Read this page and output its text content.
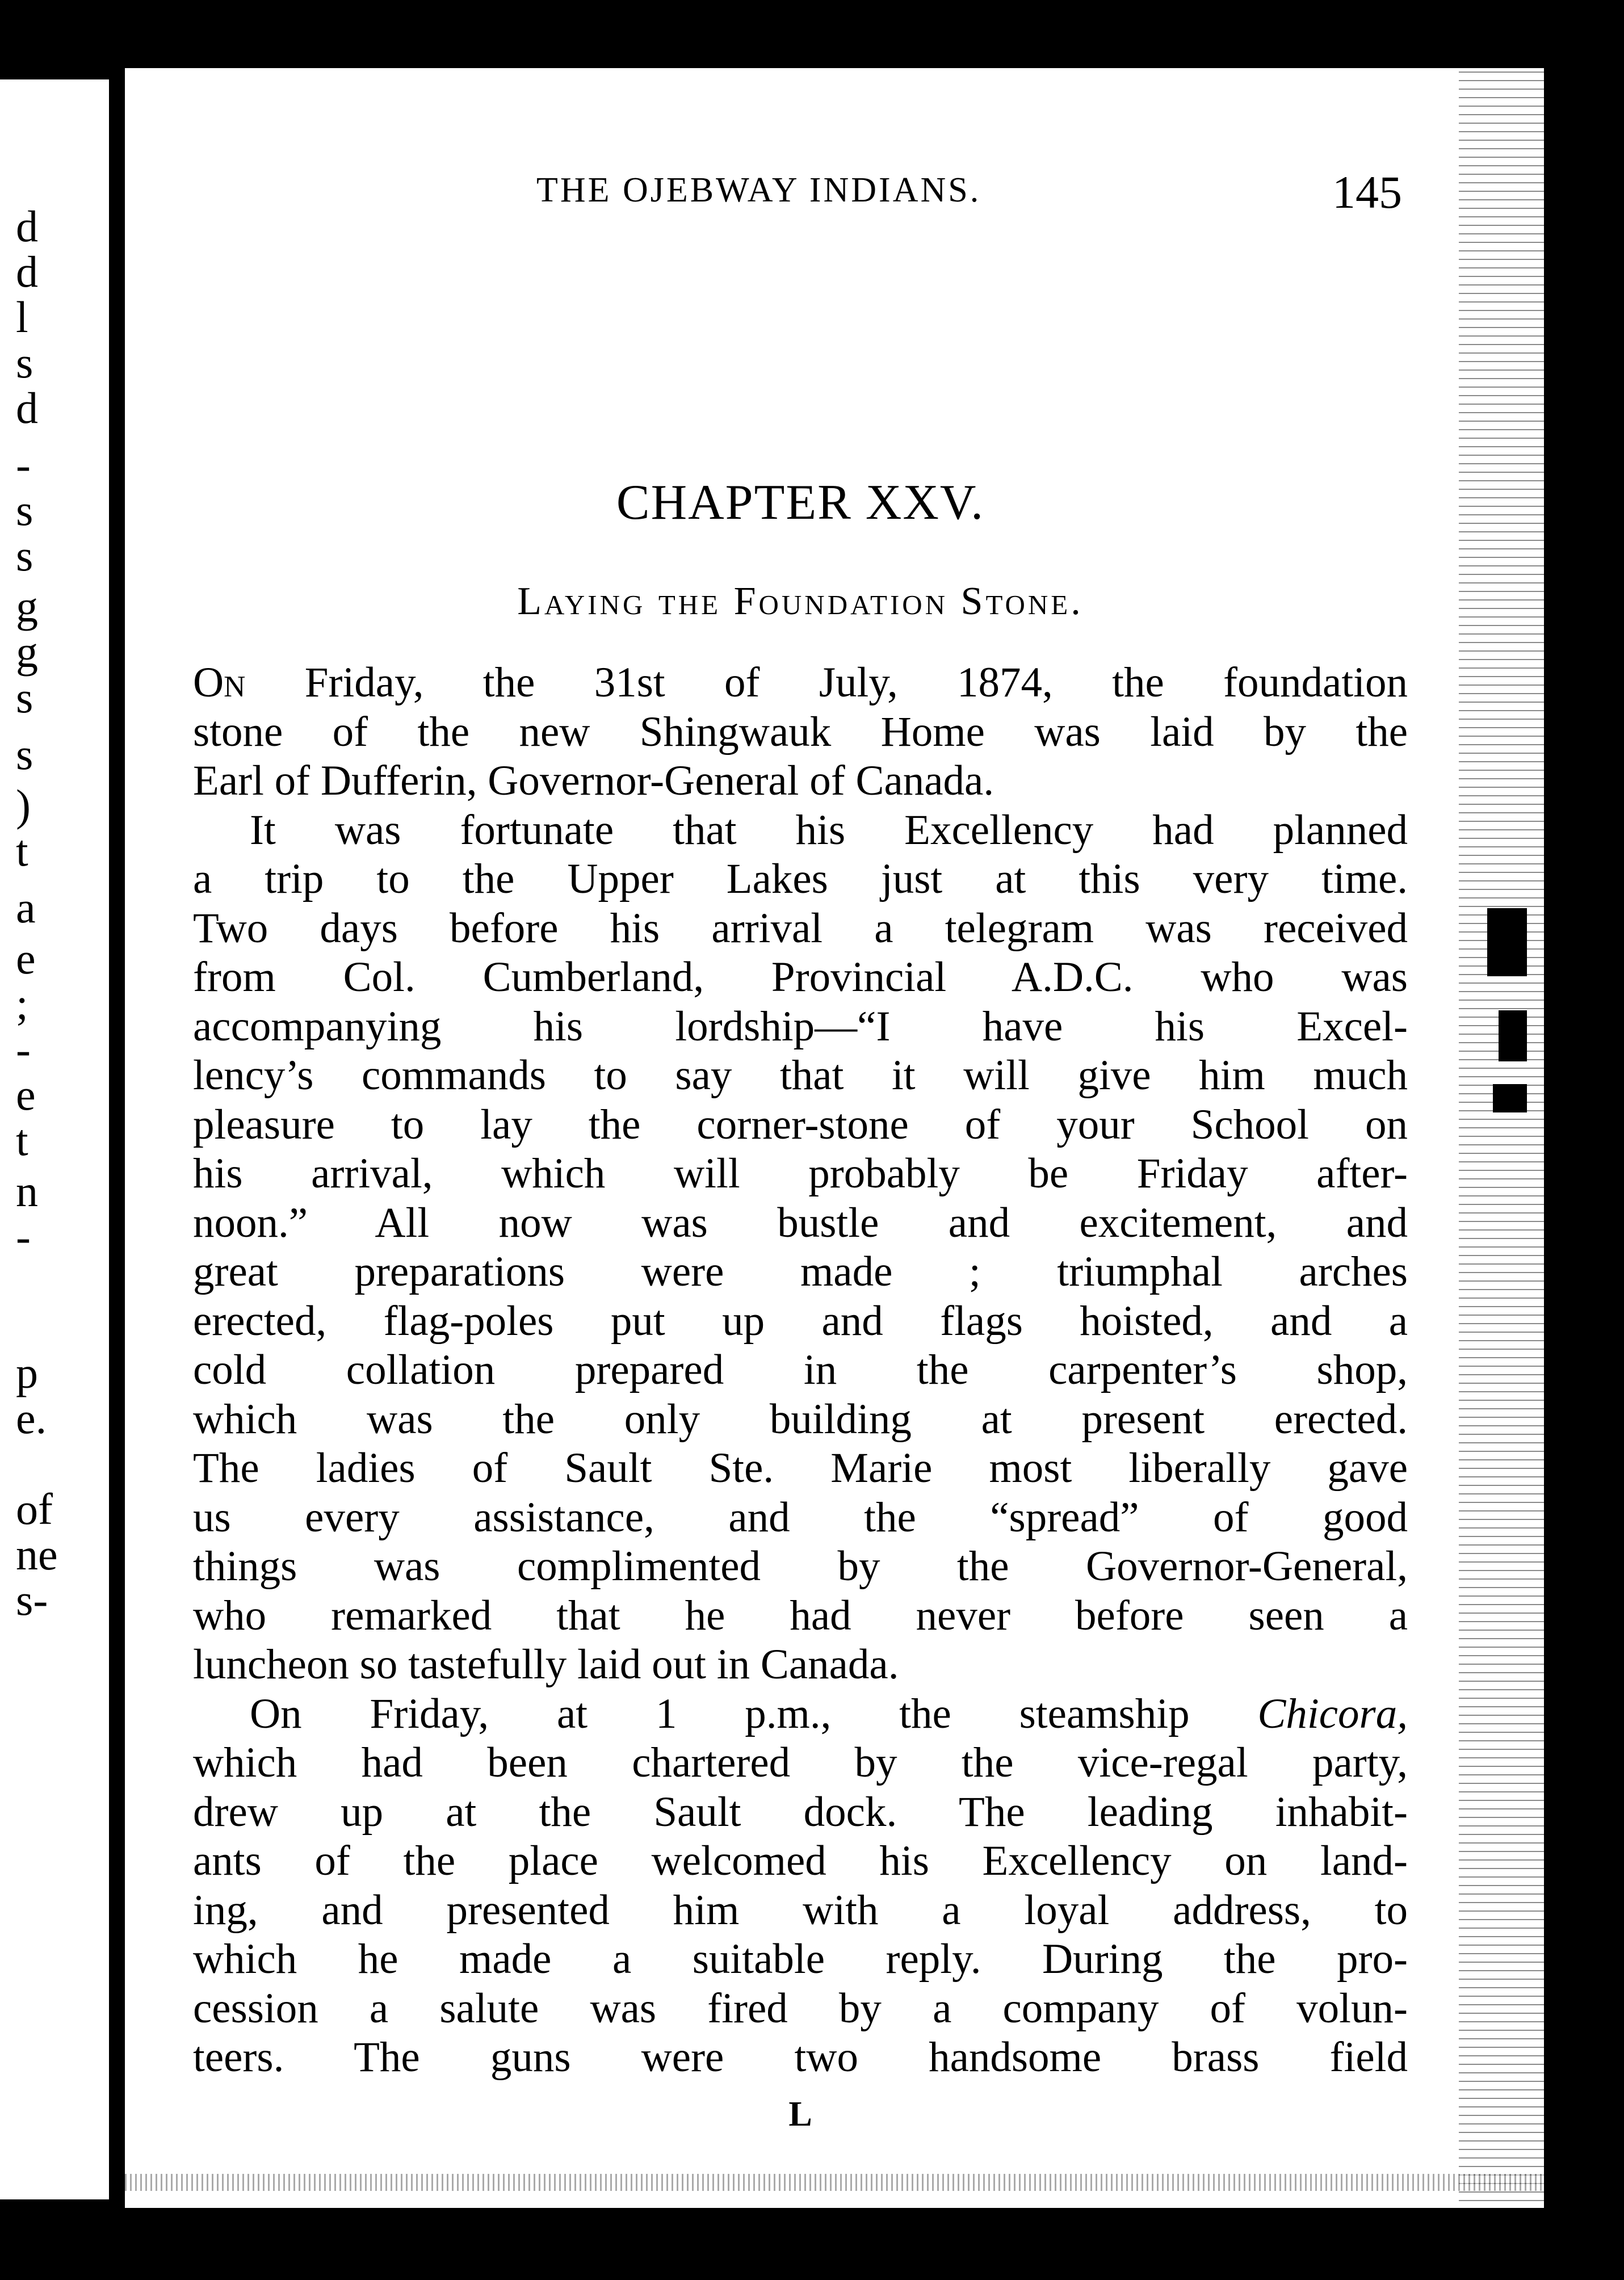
d
d
l
s
d
-
s
s
g
g
s
s
)
t
a
e
;
-
e
t
n
-
p
e.
of
ne
s-
THE OJEBWAY INDIANS.	145
CHAPTER XXV.
Laying the Foundation Stone.
On Friday, the 31st of July, 1874, the foundation
stone of the new Shingwauk Home was laid by the
Earl of Dufferin, Governor-General of Canada.
It was fortunate that his Excellency had planned
a trip to the Upper Lakes just at this very time.
Two days before his arrival a telegram was received
from Col. Cumberland, Provincial A.D.C. who was
accompanying his lordship—“I have his Excel-
lency’s commands to say that it will give him much
pleasure to lay the corner-stone of your School on
his arrival, which will probably be Friday after-
noon.” All now was bustle and excitement, and
great preparations were made ; triumphal arches
erected, flag-poles put up and flags hoisted, and a
cold collation prepared in the carpenter’s shop,
which was the only building at present erected.
The ladies of Sault Ste. Marie most liberally gave
us every assistance, and the “spread” of good
things was complimented by the Governor-General,
who remarked that he had never before seen a
luncheon so tastefully laid out in Canada.
On Friday, at 1 p.m., the steamship Chicora,
which had been chartered by the vice-regal party,
drew up at the Sault dock. The leading inhabit-
ants of the place welcomed his Excellency on land-
ing, and presented him with a loyal address, to
which he made a suitable reply. During the pro-
cession a salute was fired by a company of volun-
teers. The guns were two handsome brass field
L
